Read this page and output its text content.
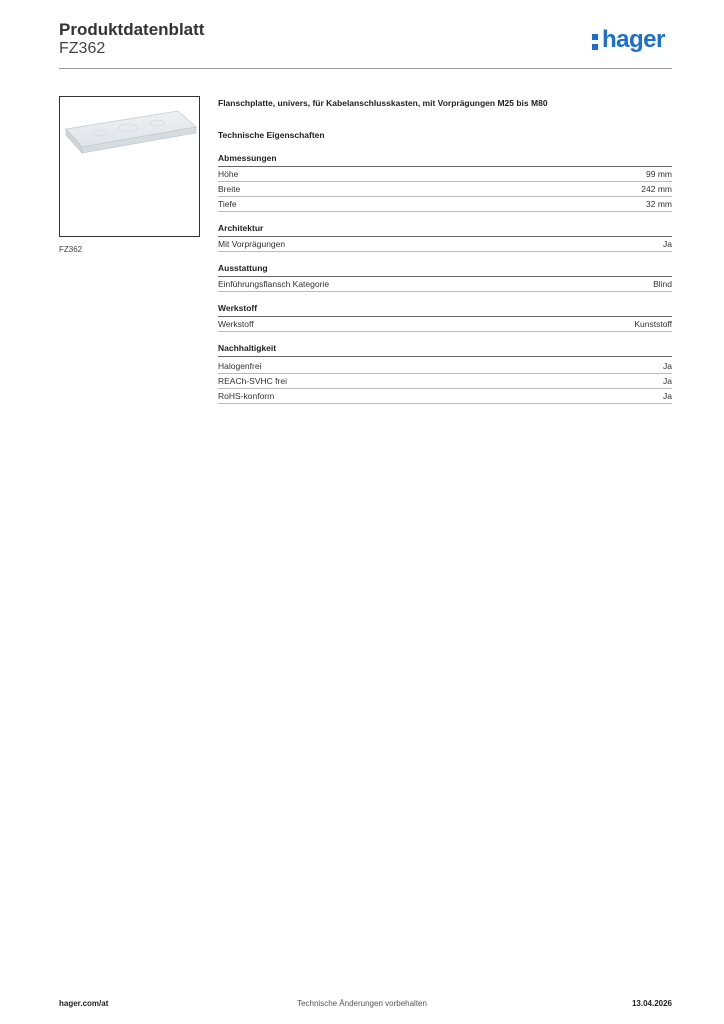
Produktdatenblatt
FZ362	hager
FZ362
Flanschplatte, univers, für Kabelanschlusskasten, mit Vorprägungen M25 bis M80
Technische Eigenschaften
Abmessungen
Höhe	99 mm
Breite	242 mm
Tiefe	32 mm
Architektur
Mit Vorprägungen	Ja
Ausstattung
Einführungsflansch Kategorie	Blind
Werkstoff
Werkstoff	Kunststoff
Nachhaltigkeit
Halogenfrei	Ja
REACh-SVHC frei	Ja
RoHS-konform	Ja
Technische Änderungen vorbehalten
hager.com/at	13.04.2026
